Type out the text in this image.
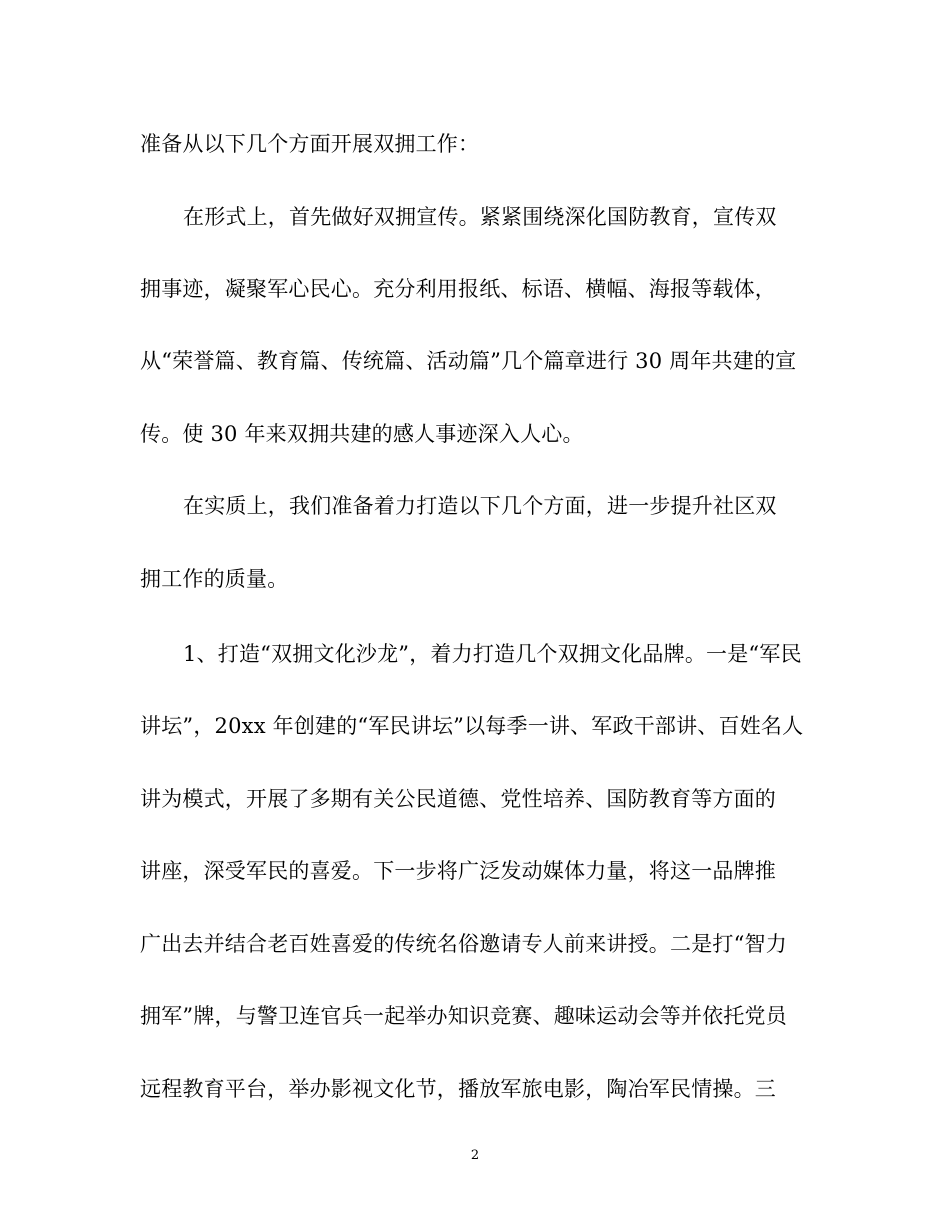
准备从以下几个方面开展双拥工作：
在形式上，首先做好双拥宣传。紧紧围绕深化国防教育，宣传双
拥事迹，凝聚军心民心。充分利用报纸、标语、横幅、海报等载体，
从“荣誉篇、教育篇、传统篇、活动篇”几个篇章进行 30 周年共建的宣
传。使 30 年来双拥共建的感人事迹深入人心。
在实质上，我们准备着力打造以下几个方面，进一步提升社区双
拥工作的质量。
1、打造“双拥文化沙龙”，着力打造几个双拥文化品牌。一是“军民
讲坛”，20xx 年创建的“军民讲坛”以每季一讲、军政干部讲、百姓名人
讲为模式，开展了多期有关公民道德、党性培养、国防教育等方面的
讲座，深受军民的喜爱。下一步将广泛发动媒体力量，将这一品牌推
广出去并结合老百姓喜爱的传统名俗邀请专人前来讲授。二是打“智力
拥军”牌，与警卫连官兵一起举办知识竞赛、趣味运动会等并依托党员
远程教育平台，举办影视文化节，播放军旅电影，陶冶军民情操。三
2
